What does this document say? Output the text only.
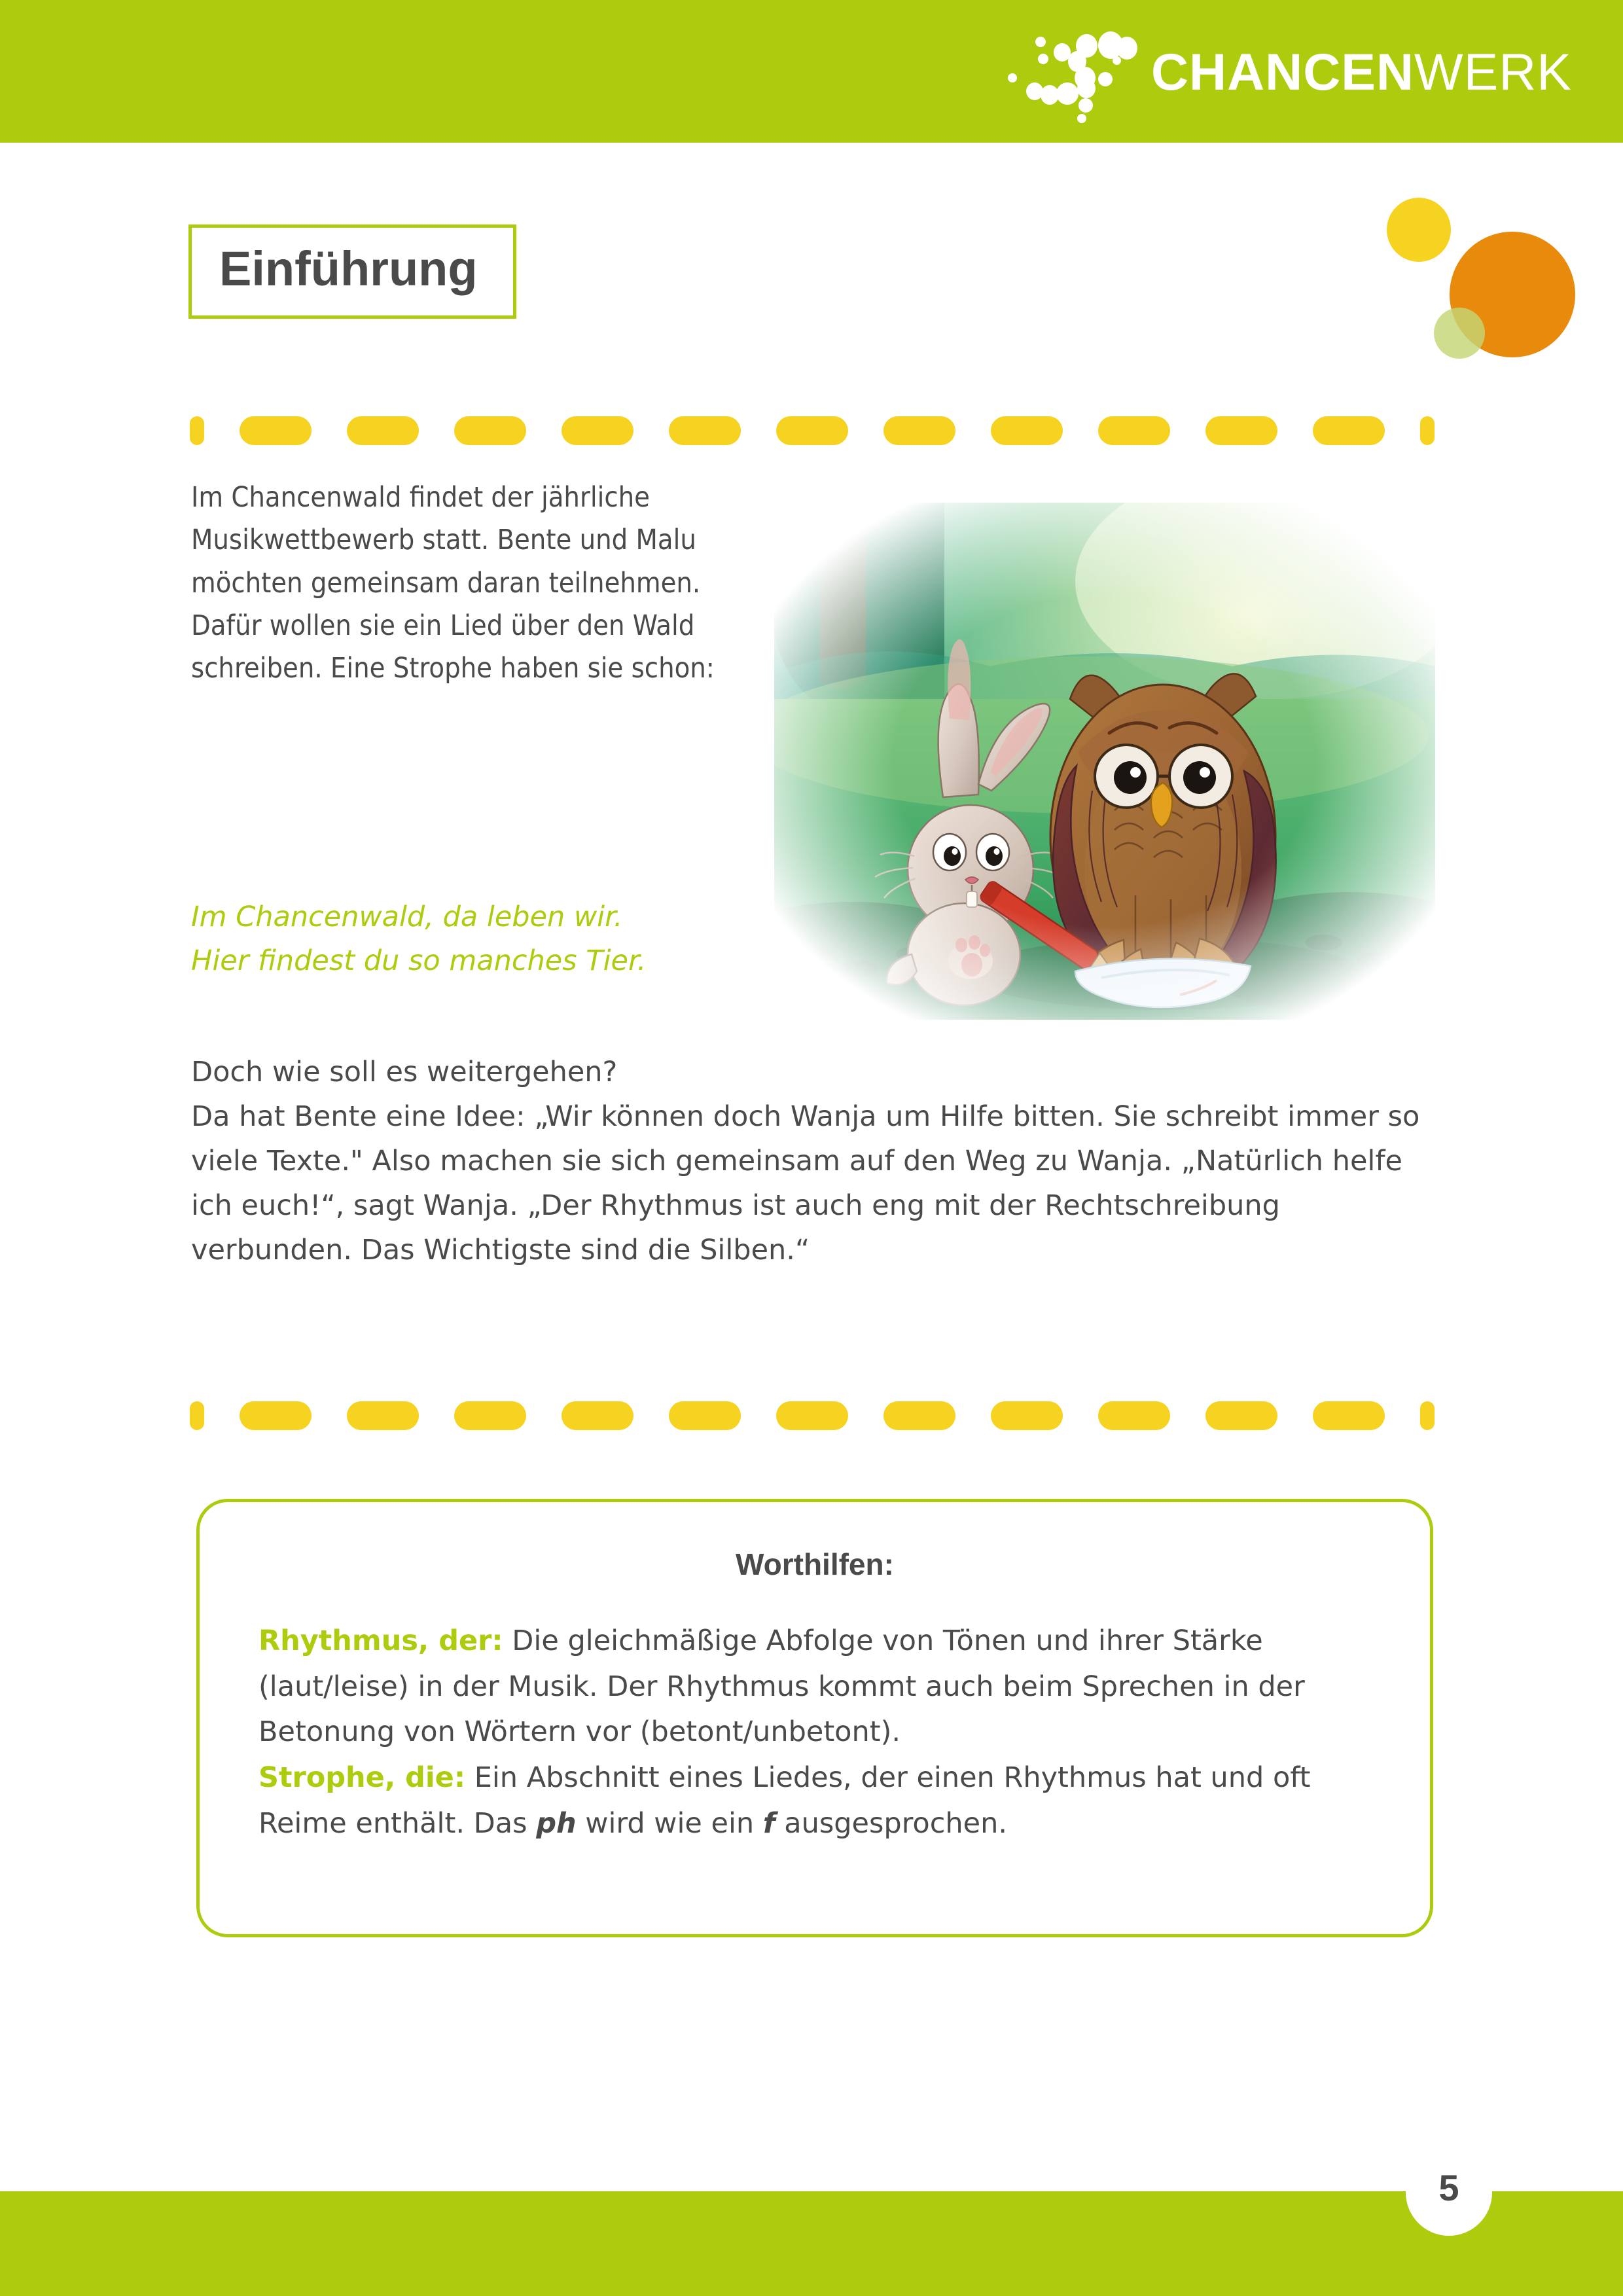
CHANCENWERK
Einführung

Im Chancenwald findet der jährliche Musikwettbewerb statt. Bente und Malu möchten gemeinsam daran teilnehmen. Dafür wollen sie ein Lied über den Wald schreiben. Eine Strophe haben sie schon:

Im Chancenwald, da leben wir.
Hier findest du so manches Tier.
Doch wie soll es weitergehen?
Da hat Bente eine Idee: „Wir können doch Wanja um Hilfe bitten. Sie schreibt immer so viele Texte." Also machen sie sich gemeinsam auf den Weg zu Wanja. „Natürlich helfe ich euch!“, sagt Wanja. „Der Rhythmus ist auch eng mit der Rechtschreibung verbunden. Das Wichtigste sind die Silben.“
Worthilfen:
Rhythmus, der: Die gleichmäßige Abfolge von Tönen und ihrer Stärke (laut/leise) in der Musik. Der Rhythmus kommt auch beim Sprechen in der Betonung von Wörtern vor (betont/unbetont).
Strophe, die: Ein Abschnitt eines Liedes, der einen Rhythmus hat und oft Reime enthält. Das ph wird wie ein f ausgesprochen.
5
